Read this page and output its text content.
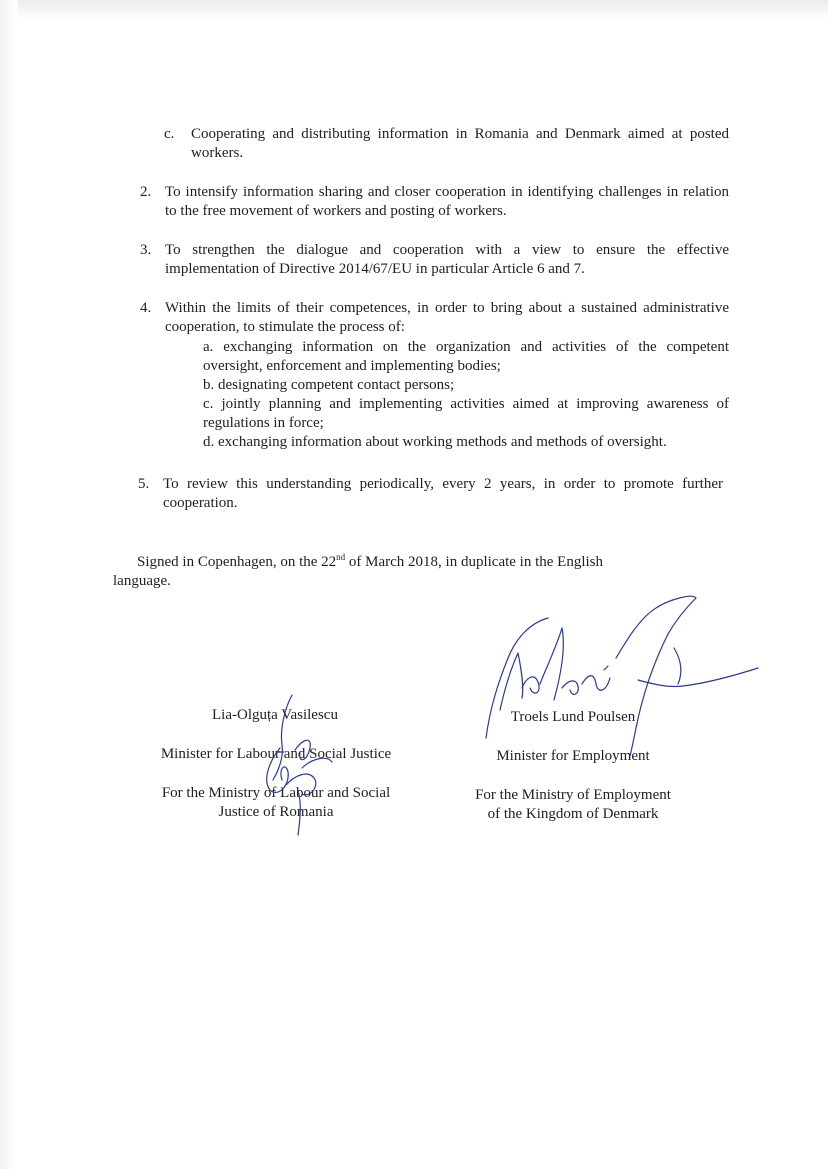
c. Cooperating and distributing information in Romania and Denmark aimed at posted workers.
2. To intensify information sharing and closer cooperation in identifying challenges in relation to the free movement of workers and posting of workers.
3. To strengthen the dialogue and cooperation with a view to ensure the effective implementation of Directive 2014/67/EU in particular Article 6 and 7.
4. Within the limits of their competences, in order to bring about a sustained administrative cooperation, to stimulate the process of:
a. exchanging information on the organization and activities of the competent oversight, enforcement and implementing bodies;
b. designating competent contact persons;
c. jointly planning and implementing activities aimed at improving awareness of regulations in force;
d. exchanging information about working methods and methods of oversight.
5. To review this understanding periodically, every 2 years, in order to promote further cooperation.
Signed in Copenhagen, on the 22nd of March 2018, in duplicate in the English
language.
Lia-Olguța Vasilescu
Minister for Labour and Social Justice
For the Ministry of Labour and Social
Justice of Romania
Troels Lund Poulsen
Minister for Employment
For the Ministry of Employment
of the Kingdom of Denmark
